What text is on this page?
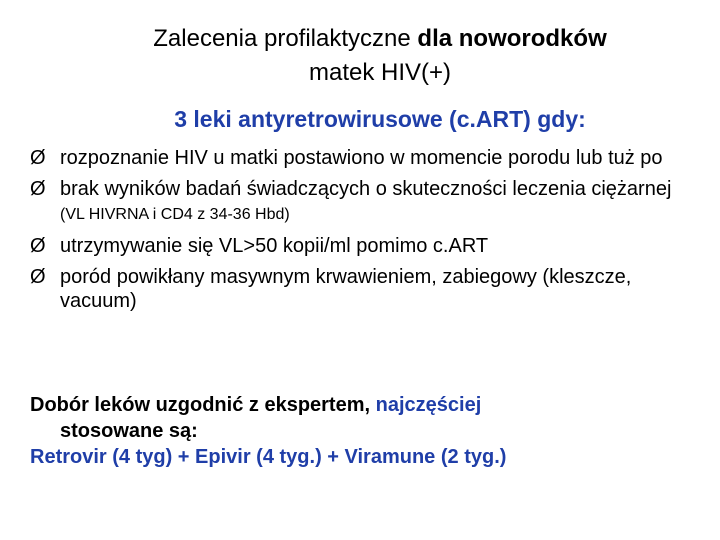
Zalecenia profilaktyczne dla noworodków
matek HIV(+)
3 leki antyretrowirusowe (c.ART) gdy:
Ø rozpoznanie HIV u matki postawiono w momencie porodu lub tuż po
Ø brak wyników badań świadczących o skuteczności leczenia ciężarnej (VL HIVRNA i CD4 z 34-36 Hbd)
Ø utrzymywanie się VL>50 kopii/ml pomimo c.ART
Ø poród powikłany masywnym krwawieniem, zabiegowy (kleszcze, vacuum)
Dobór leków uzgodnić z ekspertem, najczęściej
stosowane są:
Retrovir (4 tyg) + Epivir (4 tyg.) + Viramune (2 tyg.)
